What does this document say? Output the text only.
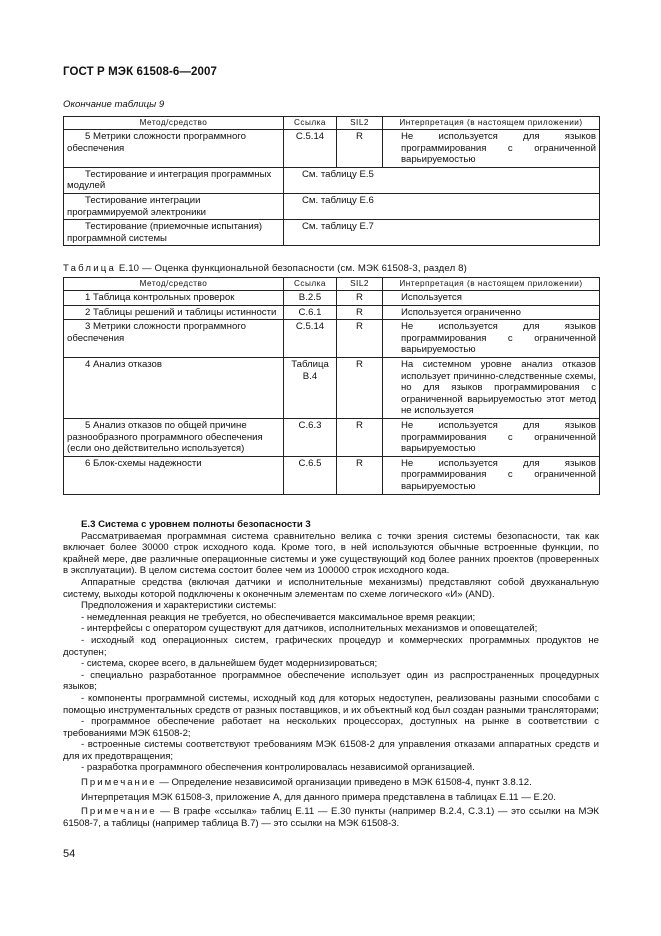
ГОСТ Р МЭК 61508-6—2007
Окончание таблицы 9
Метод/средство	Ссылка	SIL2	Интерпретация (в настоящем приложении)
5 Метрики сложности программного обеспечения	C.5.14	R	Не используется для языков программирования с ограниченной варьируемостью
Тестирование и интеграция программных модулей	См. таблицу Е.5		
Тестирование интеграции программируемой электроники	См. таблицу Е.6		
Тестирование (приемочные испытания) программной системы	См. таблицу Е.7		
Таблица Е.10 — Оценка функциональной безопасности (см. МЭК 61508-3, раздел 8)
Метод/средство	Ссылка	SIL2	Интерпретация (в настоящем приложении)
1 Таблица контрольных проверок	B.2.5	R	Используется
2 Таблицы решений и таблицы истинности	C.6.1	R	Используется ограниченно
3 Метрики сложности программного обеспечения	C.5.14	R	Не используется для языков программирования с ограниченной варьируемостью
4 Анализ отказов	Таблица B.4	R	На системном уровне анализ отказов использует причинно-следственные схемы, но для языков программирования с ограниченной варьируемостью этот метод не используется
5 Анализ отказов по общей причине разнообразного программного обеспечения (если оно действительно используется)	C.6.3	R	Не используется для языков программирования с ограниченной варьируемостью
6 Блок-схемы надежности	C.6.5	R	Не используется для языков программирования с ограниченной варьируемостью

Е.3 Система с уровнем полноты безопасности 3

Рассматриваемая программная система сравнительно велика с точки зрения системы безопасности, так как включает более 30000 строк исходного кода. Кроме того, в ней используются обычные встроенные функции, по крайней мере, две различные операционные системы и уже существующий код более ранних проектов (проверенных в эксплуатации). В целом система состоит более чем из 100000 строк исходного кода.

Аппаратные средства (включая датчики и исполнительные механизмы) представляют собой двухканальную систему, выходы которой подключены к оконечным элементам по схеме логического «И» (AND).

Предположения и характеристики системы:

- немедленная реакция не требуется, но обеспечивается максимальное время реакции;

- интерфейсы с оператором существуют для датчиков, исполнительных механизмов и оповещателей;

- исходный код операционных систем, графических процедур и коммерческих программных продуктов не доступен;

- система, скорее всего, в дальнейшем будет модернизироваться;

- специально разработанное программное обеспечение использует один из распространенных процедурных языков;

- компоненты программной системы, исходный код для которых недоступен, реализованы разными способами с помощью инструментальных средств от разных поставщиков, и их объектный код был создан разными трансляторами;

- программное обеспечение работает на нескольких процессорах, доступных на рынке в соответствии с требованиями МЭК 61508-2;

- встроенные системы соответствуют требованиям МЭК 61508-2 для управления отказами аппаратных средств и для их предотвращения;

- разработка программного обеспечения контролировалась независимой организацией.

Примечание — Определение независимой организации приведено в МЭК 61508-4, пункт 3.8.12.

Интерпретация МЭК 61508-3, приложение А, для данного примера представлена в таблицах Е.11 — Е.20.

Примечание — В графе «ссылка» таблиц Е.11 — Е.30 пункты (например В.2.4, С.3.1) — это ссылки на МЭК 61508-7, а таблицы (например таблица В.7) — это ссылки на МЭК 61508-3.

54
